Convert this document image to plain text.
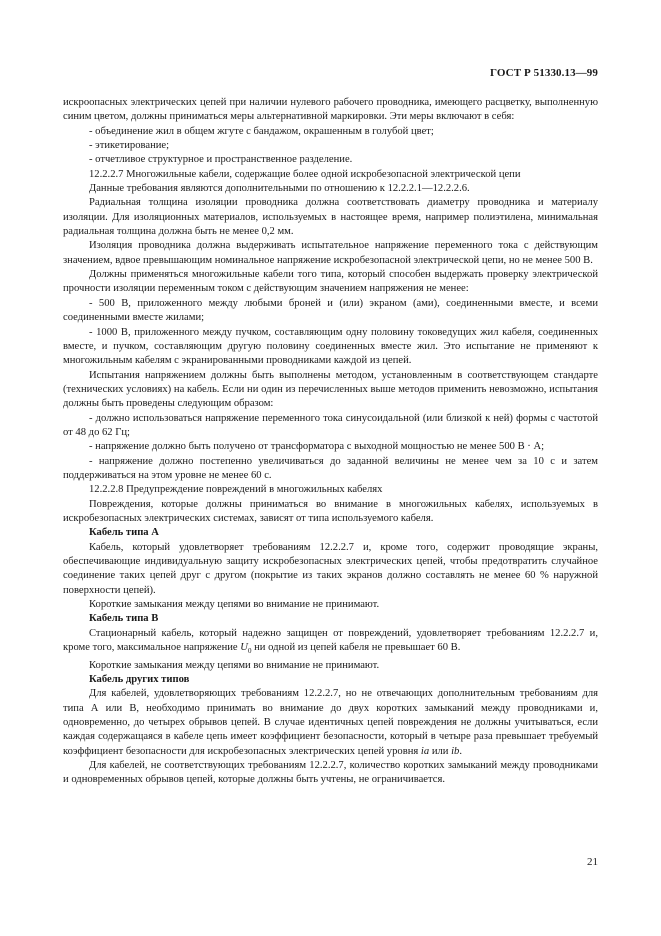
ГОСТ Р 51330.13—99

искроопасных электрических цепей при наличии нулевого рабочего проводника, имеющего расцветку, выполненную синим цветом, должны приниматься меры альтернативной маркировки. Эти меры включают в себя:

- объединение жил в общем жгуте с бандажом, окрашенным в голубой цвет;

- этикетирование;

- отчетливое структурное и пространственное разделение.

12.2.2.7 Многожильные кабели, содержащие более одной искробезопасной электрической цепи

Данные требования являются дополнительными по отношению к 12.2.2.1—12.2.2.6.

Радиальная толщина изоляции проводника должна соответствовать диаметру проводника и материалу изоляции. Для изоляционных материалов, используемых в настоящее время, например полиэтилена, минимальная радиальная толщина должна быть не менее 0,2 мм.

Изоляция проводника должна выдерживать испытательное напряжение переменного тока с действующим значением, вдвое превышающим номинальное напряжение искробезопасной электрической цепи, но не менее 500 В.

Должны применяться многожильные кабели того типа, который способен выдержать проверку электрической прочности изоляции переменным током с действующим значением напряжения не менее:

- 500 В, приложенного между любыми броней и (или) экраном (ами), соединенными вместе, и всеми соединенными вместе жилами;

- 1000 В, приложенного между пучком, составляющим одну половину токоведущих жил кабеля, соединенных вместе, и пучком, составляющим другую половину соединенных вместе жил. Это испытание не применяют к многожильным кабелям с экранированными проводниками каждой из цепей.

Испытания напряжением должны быть выполнены методом, установленным в соответствующем стандарте (технических условиях) на кабель. Если ни один из перечисленных выше методов применить невозможно, испытания должны быть проведены следующим образом:

- должно использоваться напряжение переменного тока синусоидальной (или близкой к ней) формы с частотой от 48 до 62 Гц;

- напряжение должно быть получено от трансформатора с выходной мощностью не менее 500 В · А;

- напряжение должно постепенно увеличиваться до заданной величины не менее чем за 10 с и затем поддерживаться на этом уровне не менее 60 с.

12.2.2.8 Предупреждение повреждений в многожильных кабелях

Повреждения, которые должны приниматься во внимание в многожильных кабелях, используемых в искробезопасных электрических системах, зависят от типа используемого кабеля.

Кабель типа А

Кабель, который удовлетворяет требованиям 12.2.2.7 и, кроме того, содержит проводящие экраны, обеспечивающие индивидуальную защиту искробезопасных электрических цепей, чтобы предотвратить случайное соединение таких цепей друг с другом (покрытие из таких экранов должно составлять не менее 60 % наружной поверхности цепей).

Короткие замыкания между цепями во внимание не принимают.

Кабель типа В

Стационарный кабель, который надежно защищен от повреждений, удовлетворяет требованиям 12.2.2.7 и, кроме того, максимальное напряжение $U_0$ ни одной из цепей кабеля не превышает 60 В.

Короткие замыкания между цепями во внимание не принимают.

Кабель других типов

Для кабелей, удовлетворяющих требованиям 12.2.2.7, но не отвечающих дополнительным требованиям для типа А или В, необходимо принимать во внимание до двух коротких замыканий между проводниками и, одновременно, до четырех обрывов цепей. В случае идентичных цепей повреждения не должны учитываться, если каждая содержащаяся в кабеле цепь имеет коэффициент безопасности, который в четыре раза превышает требуемый коэффициент безопасности для искробезопасных электрических цепей уровня ia или ib.

Для кабелей, не соответствующих требованиям 12.2.2.7, количество коротких замыканий между проводниками и одновременных обрывов цепей, которые должны быть учтены, не ограничивается.

21
